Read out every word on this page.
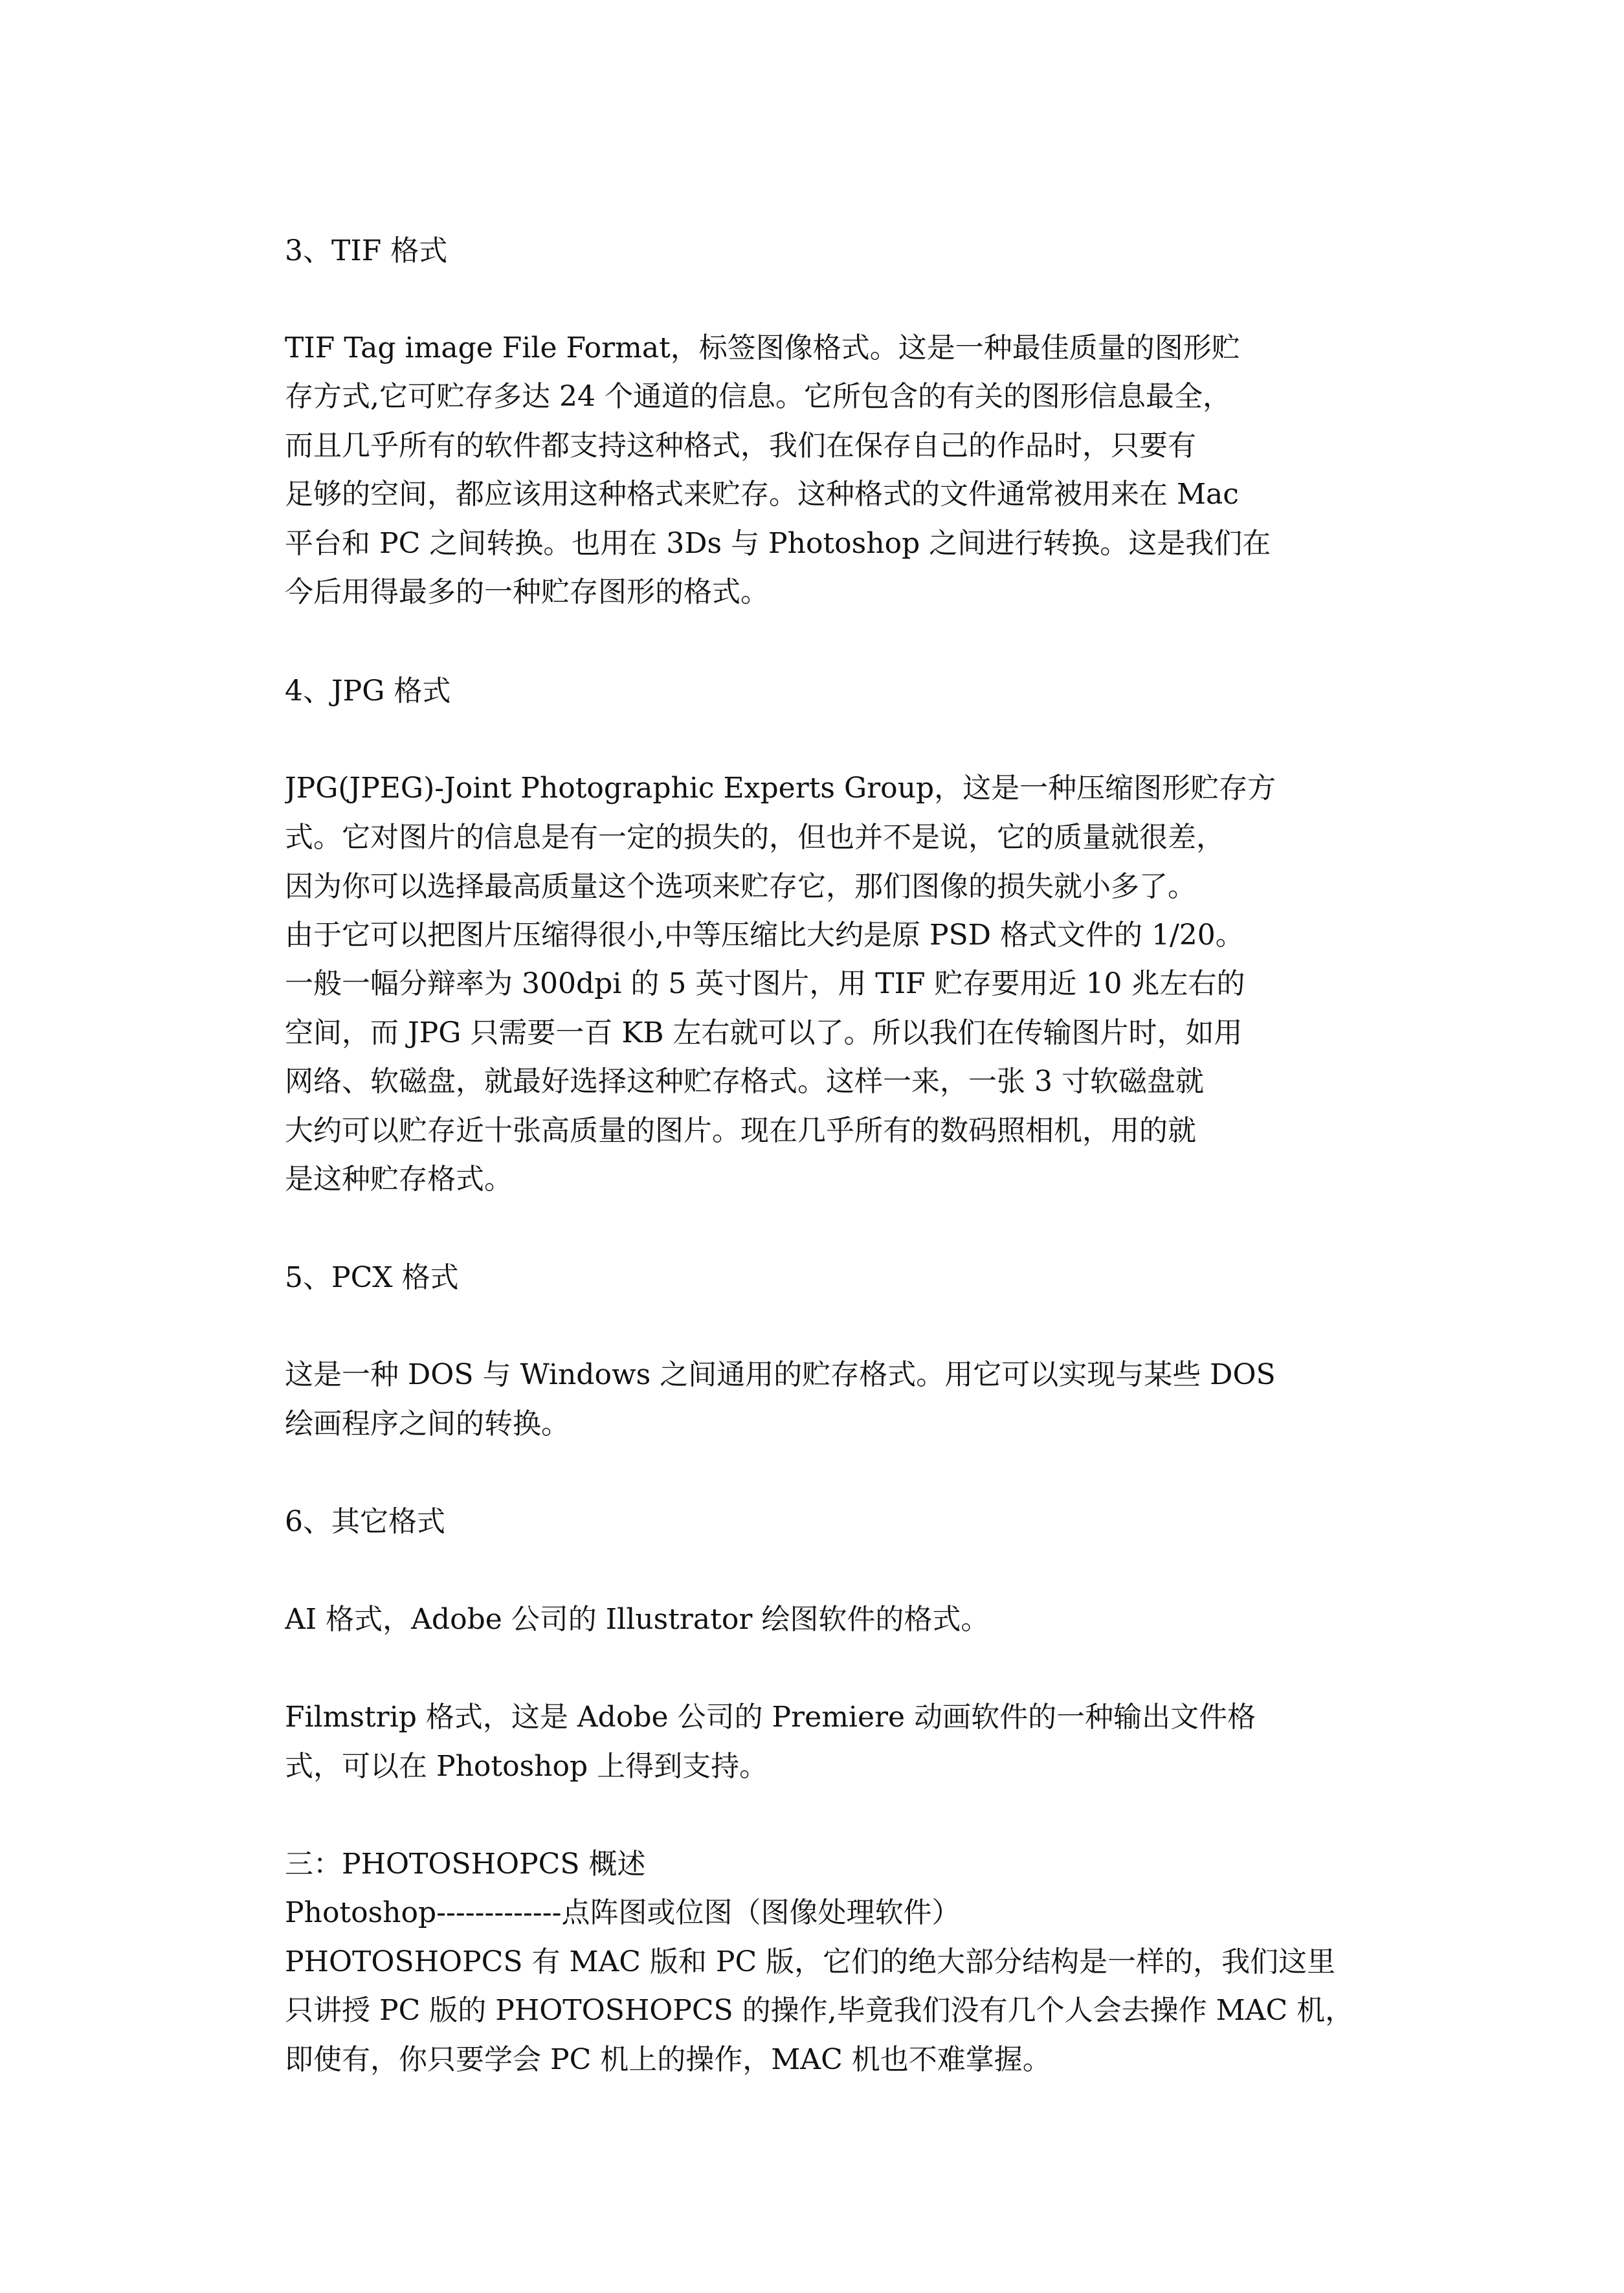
3、TIF 格式
TIF Tag image File Format，标签图像格式。这是一种最佳质量的图形贮
存方式,它可贮存多达 24 个通道的信息。它所包含的有关的图形信息最全，
而且几乎所有的软件都支持这种格式，我们在保存自己的作品时，只要有
足够的空间，都应该用这种格式来贮存。这种格式的文件通常被用来在 Mac
平台和 PC 之间转换。也用在 3Ds 与 Photoshop 之间进行转换。这是我们在
今后用得最多的一种贮存图形的格式。
4、JPG 格式
JPG(JPEG)-Joint Photographic Experts Group，这是一种压缩图形贮存方
式。它对图片的信息是有一定的损失的，但也并不是说，它的质量就很差，
因为你可以选择最高质量这个选项来贮存它，那们图像的损失就小多了。
由于它可以把图片压缩得很小,中等压缩比大约是原 PSD 格式文件的 1/20。
一般一幅分辩率为 300dpi 的 5 英寸图片，用 TIF 贮存要用近 10 兆左右的
空间，而 JPG 只需要一百 KB 左右就可以了。所以我们在传输图片时，如用
网络、软磁盘，就最好选择这种贮存格式。这样一来，一张 3 寸软磁盘就
大约可以贮存近十张高质量的图片。现在几乎所有的数码照相机，用的就
是这种贮存格式。
5、PCX 格式
这是一种 DOS 与 Windows 之间通用的贮存格式。用它可以实现与某些 DOS
绘画程序之间的转换。
6、其它格式
AI 格式，Adobe 公司的 Illustrator 绘图软件的格式。
Filmstrip 格式，这是 Adobe 公司的 Premiere 动画软件的一种输出文件格
式，可以在 Photoshop 上得到支持。
三：PHOTOSHOPCS 概述
Photoshop-------------点阵图或位图（图像处理软件）
PHOTOSHOPCS 有 MAC 版和 PC 版，它们的绝大部分结构是一样的，我们这里
只讲授 PC 版的 PHOTOSHOPCS 的操作,毕竟我们没有几个人会去操作 MAC 机，
即使有，你只要学会 PC 机上的操作，MAC 机也不难掌握。
